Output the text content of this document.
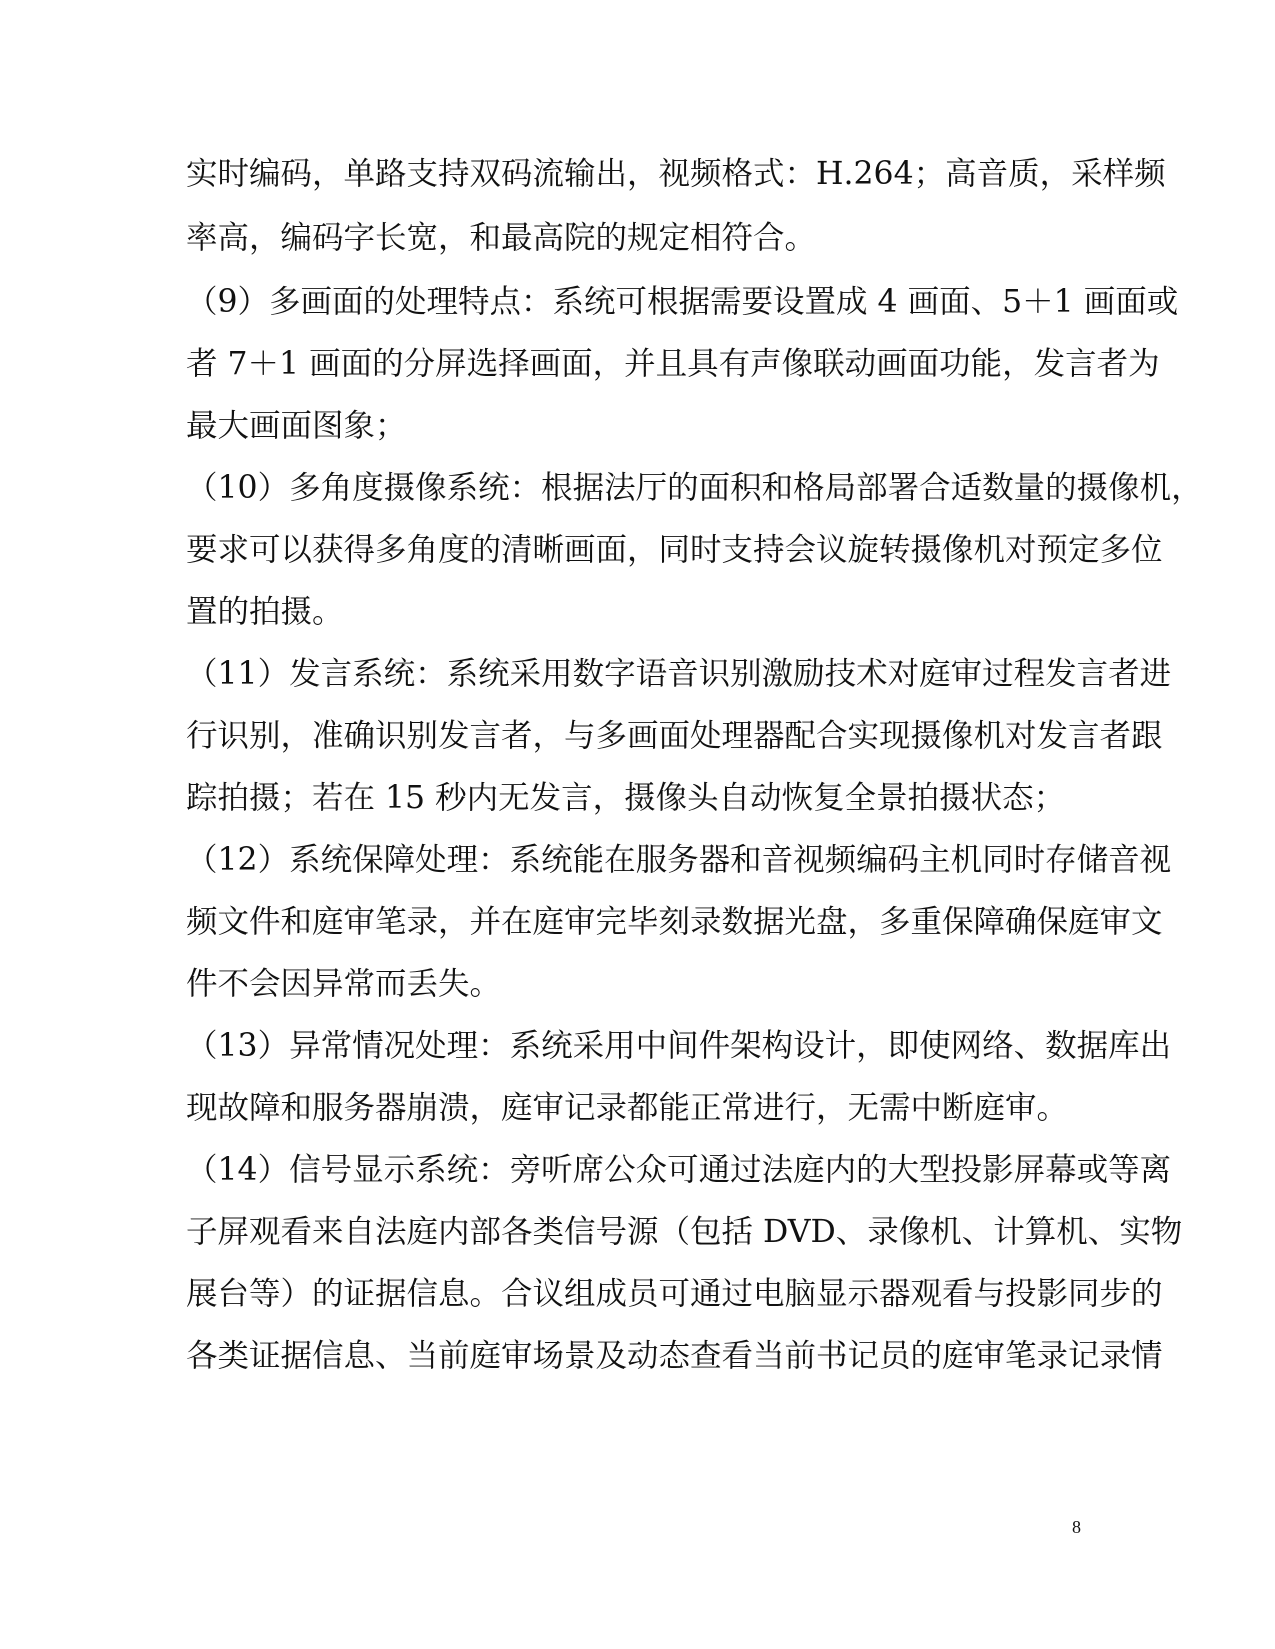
实时编码，单路支持双码流输出，视频格式：H.264；高音质，采样频
率高，编码字长宽，和最高院的规定相符合。
（9）多画面的处理特点：系统可根据需要设置成 4 画面、5＋1 画面或
者 7＋1 画面的分屏选择画面，并且具有声像联动画面功能，发言者为
最大画面图象；
（10）多角度摄像系统：根据法厅的面积和格局部署合适数量的摄像机，
要求可以获得多角度的清晰画面，同时支持会议旋转摄像机对预定多位
置的拍摄。
（11）发言系统：系统采用数字语音识别激励技术对庭审过程发言者进
行识别，准确识别发言者，与多画面处理器配合实现摄像机对发言者跟
踪拍摄；若在 15 秒内无发言，摄像头自动恢复全景拍摄状态；
（12）系统保障处理：系统能在服务器和音视频编码主机同时存储音视
频文件和庭审笔录，并在庭审完毕刻录数据光盘，多重保障确保庭审文
件不会因异常而丢失。
（13）异常情况处理：系统采用中间件架构设计，即使网络、数据库出
现故障和服务器崩溃，庭审记录都能正常进行，无需中断庭审。
（14）信号显示系统：旁听席公众可通过法庭内的大型投影屏幕或等离
子屏观看来自法庭内部各类信号源（包括 DVD、录像机、计算机、实物
展台等）的证据信息。合议组成员可通过电脑显示器观看与投影同步的
各类证据信息、当前庭审场景及动态查看当前书记员的庭审笔录记录情
8
